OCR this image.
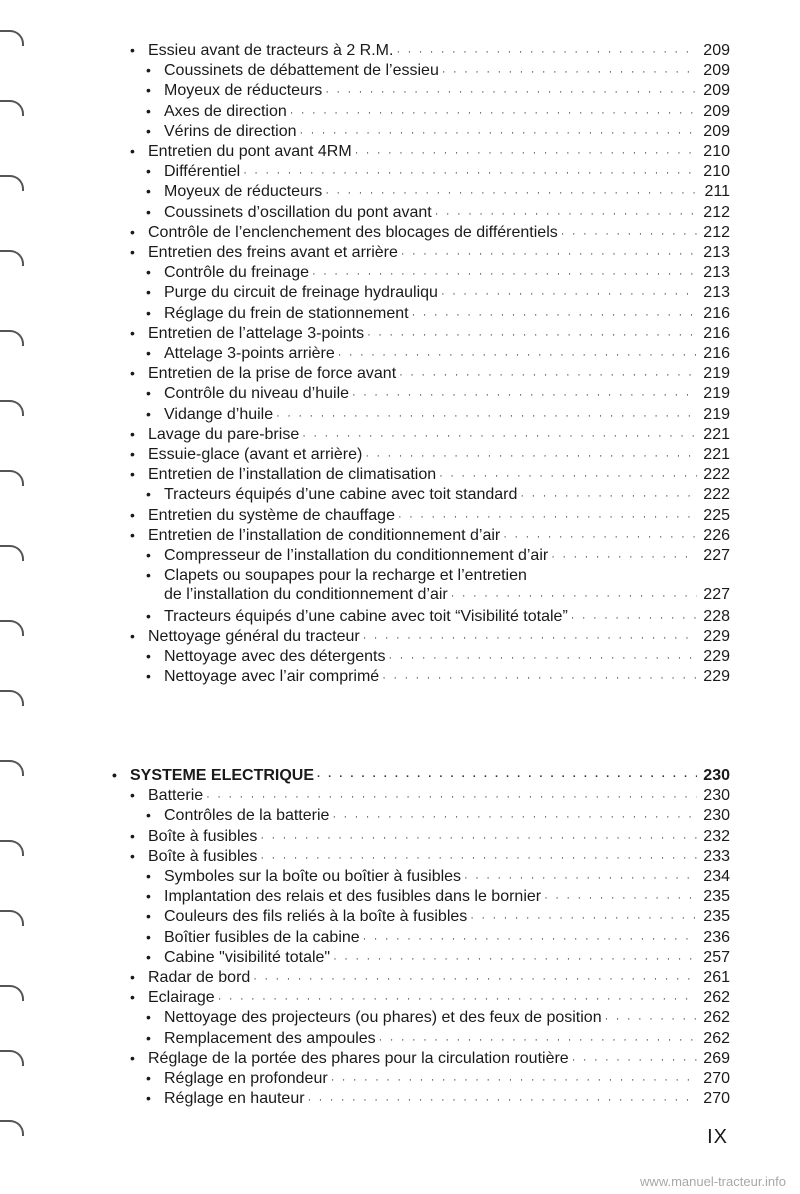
• Essieu avant de tracteurs à 2 R.M. · · ·	209
• Coussinets de débattement de l’essieu · · ·	209
• Moyeux de réducteurs · · ·	209
• Axes de direction · · ·	209
• Vérins de direction · · ·	209
• Entretien du pont avant 4RM · · ·	210
• Différentiel · · ·	210
• Moyeux de réducteurs · · ·	211
• Coussinets d’oscillation du pont avant · · ·	212
• Contrôle de l’enclenchement des blocages de différentiels · · ·	212
• Entretien des freins avant et arrière · · ·	213
• Contrôle du freinage · · ·	213
• Purge du circuit de freinage hydrauliqu · · ·	213
• Réglage du frein de stationnement · · ·	216
• Entretien de l’attelage 3-points · · ·	216
• Attelage 3-points arrière · · ·	216
• Entretien de la prise de force avant · · ·	219
• Contrôle du niveau d’huile · · ·	219
• Vidange d’huile · · ·	219
• Lavage du pare-brise · · ·	221
• Essuie-glace (avant et arrière) · · ·	221
• Entretien de l’installation de climatisation · · ·	222
• Tracteurs équipés d’une cabine avec toit standard · · ·	222
• Entretien du système de chauffage · · ·	225
• Entretien de l’installation de conditionnement d’air · · ·	226
• Compresseur de l’installation du conditionnement d’air · · ·	227
• Clapets ou soupapes pour la recharge et l’entretien
de l’installation du conditionnement d’air · · ·	227
• Tracteurs équipés d’une cabine avec toit “Visibilité totale” · · ·	228
• Nettoyage général du tracteur · · ·	229
• Nettoyage avec des détergents · · ·	229
• Nettoyage avec l’air comprimé · · ·	229
• SYSTEME ELECTRIQUE · · ·	230
• Batterie · · ·	230
• Contrôles de la batterie · · ·	230
• Boîte à fusibles · · ·	232
• Boîte à fusibles · · ·	233
• Symboles sur la boîte ou boîtier à fusibles · · ·	234
• Implantation des relais et des fusibles dans le bornier · · ·	235
• Couleurs des fils reliés à la boîte à fusibles · · ·	235
• Boîtier fusibles de la cabine · · ·	236
• Cabine "visibilité totale" · · ·	257
• Radar de bord · · ·	261
• Eclairage · · ·	262
• Nettoyage des projecteurs (ou phares) et des feux de position · · ·	262
• Remplacement des ampoules · · ·	262
• Réglage de la portée des phares pour la circulation routière · · ·	269
• Réglage en profondeur · · ·	270
• Réglage en hauteur · · ·	270
IX
www.manuel-tracteur.info
